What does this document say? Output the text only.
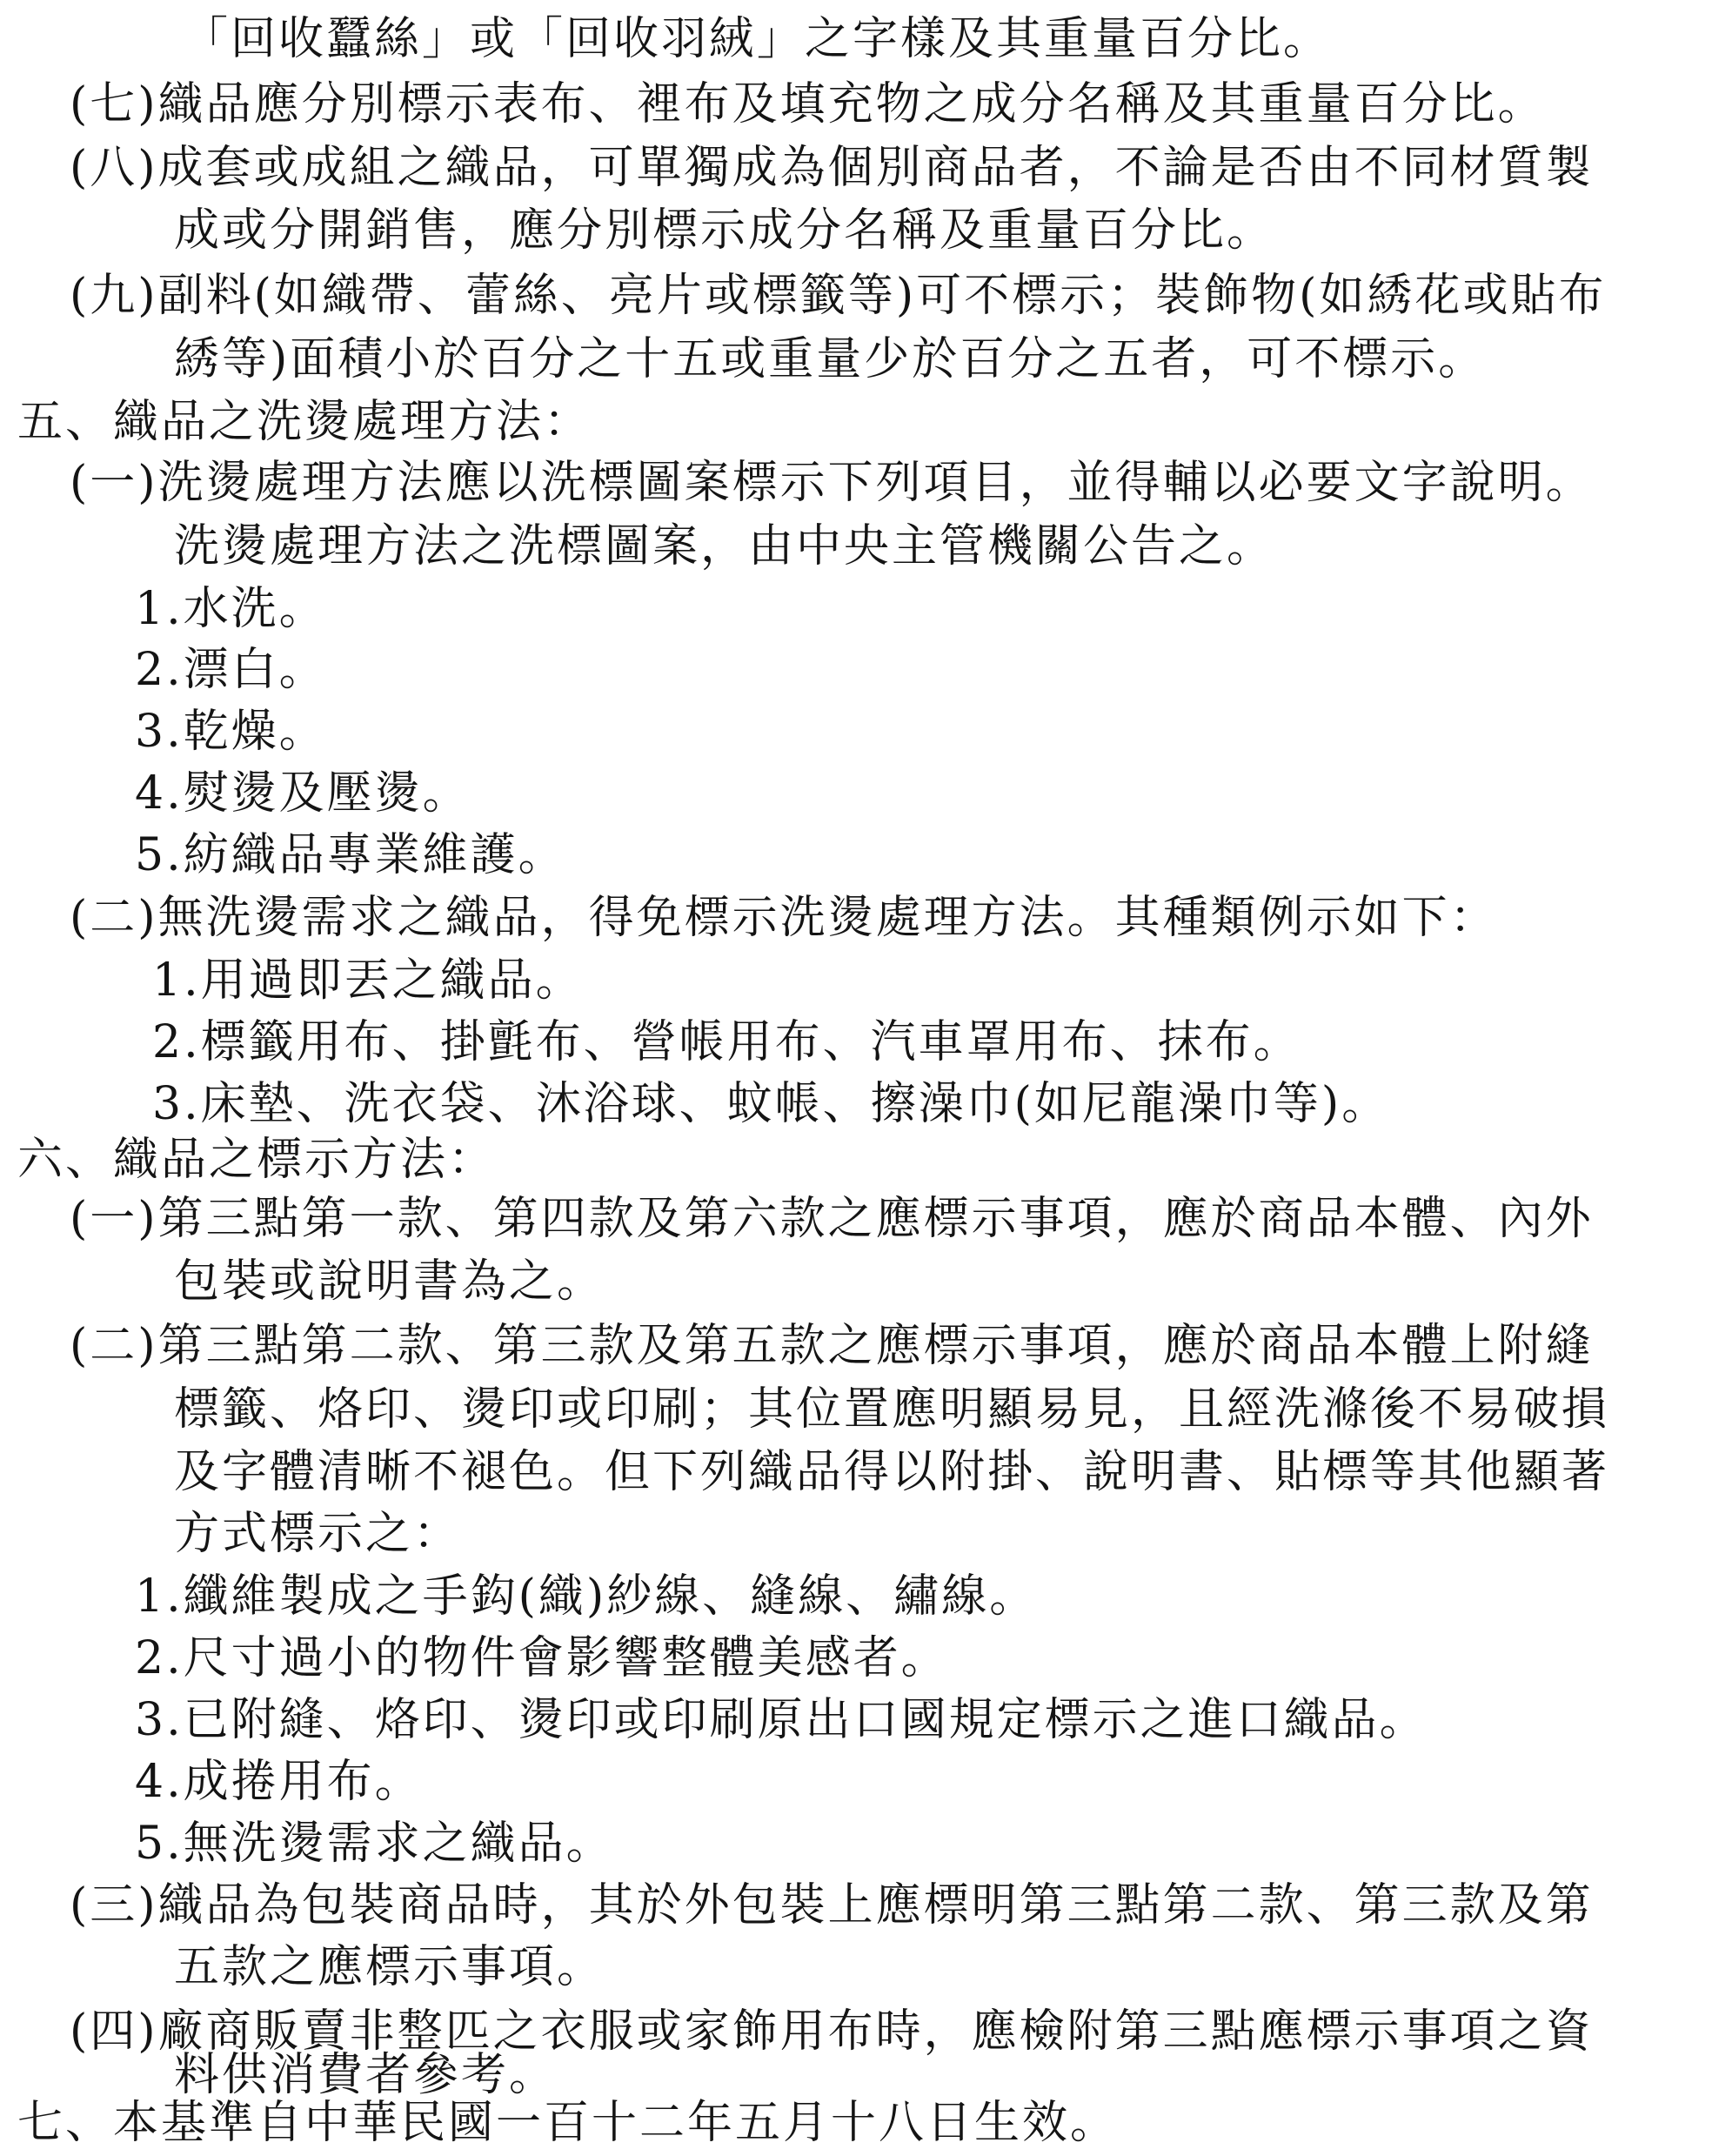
「回收蠶絲」或「回收羽絨」之字樣及其重量百分比。
(七)織品應分別標示表布、裡布及填充物之成分名稱及其重量百分比。
(八)成套或成組之織品，可單獨成為個別商品者，不論是否由不同材質製
成或分開銷售，應分別標示成分名稱及重量百分比。
(九)副料(如織帶、蕾絲、亮片或標籤等)可不標示；裝飾物(如綉花或貼布
綉等)面積小於百分之十五或重量少於百分之五者，可不標示。
五、織品之洗燙處理方法：
(一)洗燙處理方法應以洗標圖案標示下列項目，並得輔以必要文字說明。
洗燙處理方法之洗標圖案，由中央主管機關公告之。
1.水洗。
2.漂白。
3.乾燥。
4.熨燙及壓燙。
5.紡織品專業維護。
(二)無洗燙需求之織品，得免標示洗燙處理方法。其種類例示如下：
1.用過即丟之織品。
2.標籤用布、掛氈布、營帳用布、汽車罩用布、抹布。
3.床墊、洗衣袋、沐浴球、蚊帳、擦澡巾(如尼龍澡巾等)。
六、織品之標示方法：
(一)第三點第一款、第四款及第六款之應標示事項，應於商品本體、內外
包裝或說明書為之。
(二)第三點第二款、第三款及第五款之應標示事項，應於商品本體上附縫
標籤、烙印、燙印或印刷；其位置應明顯易見，且經洗滌後不易破損
及字體清晰不褪色。但下列織品得以附掛、說明書、貼標等其他顯著
方式標示之：
1.纖維製成之手鈎(織)紗線、縫線、繡線。
2.尺寸過小的物件會影響整體美感者。
3.已附縫、烙印、燙印或印刷原出口國規定標示之進口織品。
4.成捲用布。
5.無洗燙需求之織品。
(三)織品為包裝商品時，其於外包裝上應標明第三點第二款、第三款及第
五款之應標示事項。
(四)廠商販賣非整匹之衣服或家飾用布時，應檢附第三點應標示事項之資
料供消費者參考。
七、本基準自中華民國一百十二年五月十八日生效。
